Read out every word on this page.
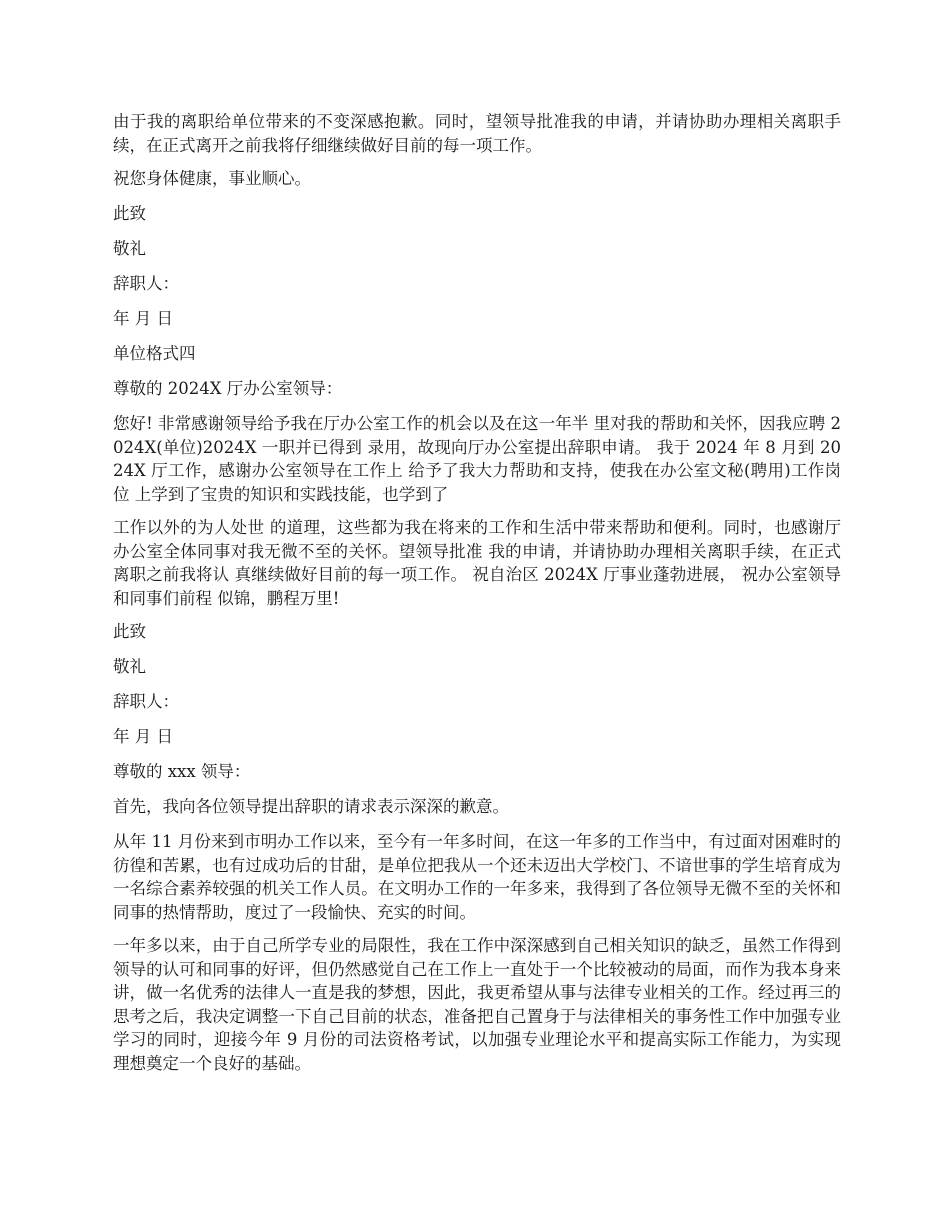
由于我的离职给单位带来的不变深感抱歉。同时，望领导批准我的申请，并请协助办理相关离职手续，在正式离开之前我将仔细继续做好目前的每一项工作。

祝您身体健康，事业顺心。

此致

敬礼

辞职人：

年 月 日

单位格式四

尊敬的 2024X 厅办公室领导：

您好! 非常感谢领导给予我在厅办公室工作的机会以及在这一年半 里对我的帮助和关怀，因我应聘 2024X(单位)2024X 一职并已得到 录用，故现向厅办公室提出辞职申请。 我于 2024 年 8 月到 2024X 厅工作，感谢办公室领导在工作上 给予了我大力帮助和支持，使我在办公室文秘(聘用)工作岗位 上学到了宝贵的知识和实践技能，也学到了

工作以外的为人处世 的道理，这些都为我在将来的工作和生活中带来帮助和便利。同时，也感谢厅办公室全体同事对我无微不至的关怀。望领导批准 我的申请，并请协助办理相关离职手续，在正式离职之前我将认 真继续做好目前的每一项工作。 祝自治区 2024X 厅事业蓬勃进展， 祝办公室领导和同事们前程 似锦，鹏程万里!

此致

敬礼

辞职人：

年 月 日

尊敬的 xxx 领导：

首先，我向各位领导提出辞职的请求表示深深的歉意。

从年 11 月份来到市明办工作以来，至今有一年多时间，在这一年多的工作当中，有过面对困难时的彷徨和苦累，也有过成功后的甘甜，是单位把我从一个还未迈出大学校门、不谙世事的学生培育成为一名综合素养较强的机关工作人员。在文明办工作的一年多来，我得到了各位领导无微不至的关怀和同事的热情帮助，度过了一段愉快、充实的时间。

一年多以来，由于自己所学专业的局限性，我在工作中深深感到自己相关知识的缺乏，虽然工作得到领导的认可和同事的好评，但仍然感觉自己在工作上一直处于一个比较被动的局面，而作为我本身来讲，做一名优秀的法律人一直是我的梦想，因此，我更希望从事与法律专业相关的工作。经过再三的思考之后，我决定调整一下自己目前的状态，准备把自己置身于与法律相关的事务性工作中加强专业学习的同时，迎接今年 9 月份的司法资格考试，以加强专业理论水平和提高实际工作能力，为实现理想奠定一个良好的基础。
